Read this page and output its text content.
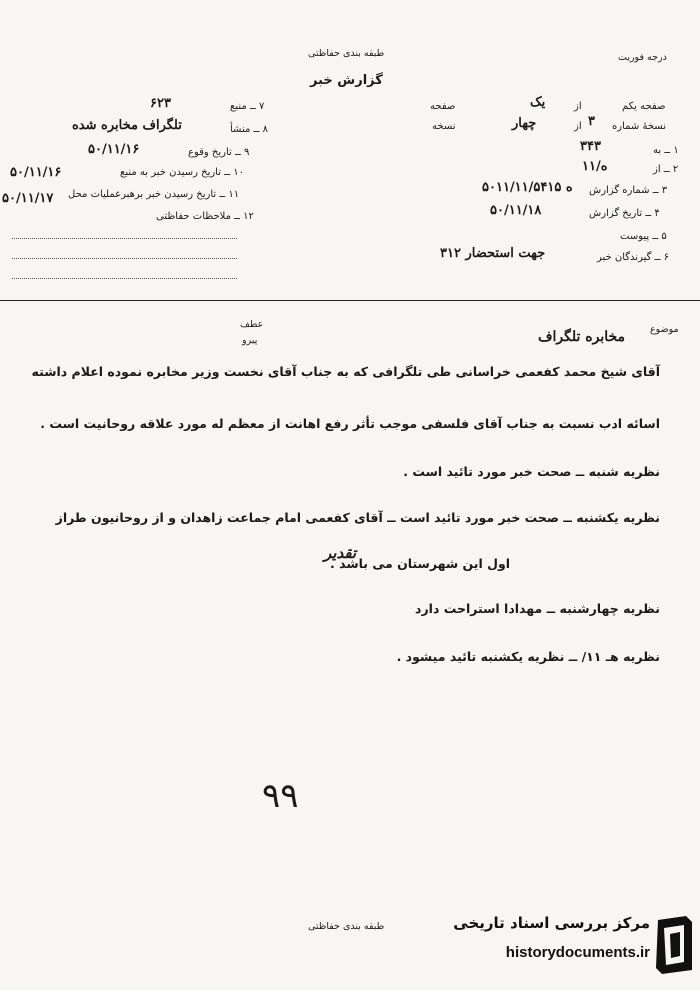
طبقه بندی حفاظتی
گزارش خبر
درجه فوریت
صفحه یکم
یک	از
صفحه
نسخهٔ شماره
۳
از
چهار
نسخه
۱ ــ به
۳۴۳
۲ ــ از
۱۱/ه
۳ ــ شماره گزارش
۵۰۱۱/۱۱/۵۴۱۵ ه
۴ ــ تاریخ گزارش
۵۰/۱۱/۱۸
۵ ــ پیوست
۶ ــ گیرندگان خبر
۳۱۲ جهت استحضار
۷ ــ منبع
۶۲۳
۸ ــ منشأ
تلگراف مخابره شده
۹ ــ تاریخ وقوع
۵۰/۱۱/۱۶
۱۰ ــ تاریخ رسیدن خبر به منبع
۵۰/۱۱/۱۶
۱۱ ــ تاریخ رسیدن خبر برهبرعملیات محل
۵۰/۱۱/۱۷
۱۲ ــ ملاحظات حفاظتی
موضوع
مخابره تلگراف
عطف
پیرو
آقای شیخ محمد کفعمی خراسانی طی تلگرافی که به جناب آقای نخست وزیر مخابره نموده اعلام داشته
اسائه ادب نسبت به جناب آقای فلسفی موجب تأثر رفع اهانت از معظم له مورد علاقه روحانیت است .
نظریه شنبه ــ صحت خبر مورد تائید است .
نظریه یکشنبه ــ صحت خبر مورد تائید است ــ آقای کفعمی امام جماعت زاهدان و از روحانیون طراز
اول این شهرستان می باشد .
تقدیر
نظریه چهارشنبه ــ مهدادا استراحت دارد
نظریه هـ ۱۱/ ــ نظریه یکشنبه تائید میشود .
۹۹
طبقه بندی حفاظتی	مرکز بررسی اسناد تاریخی
historydocuments.ir
